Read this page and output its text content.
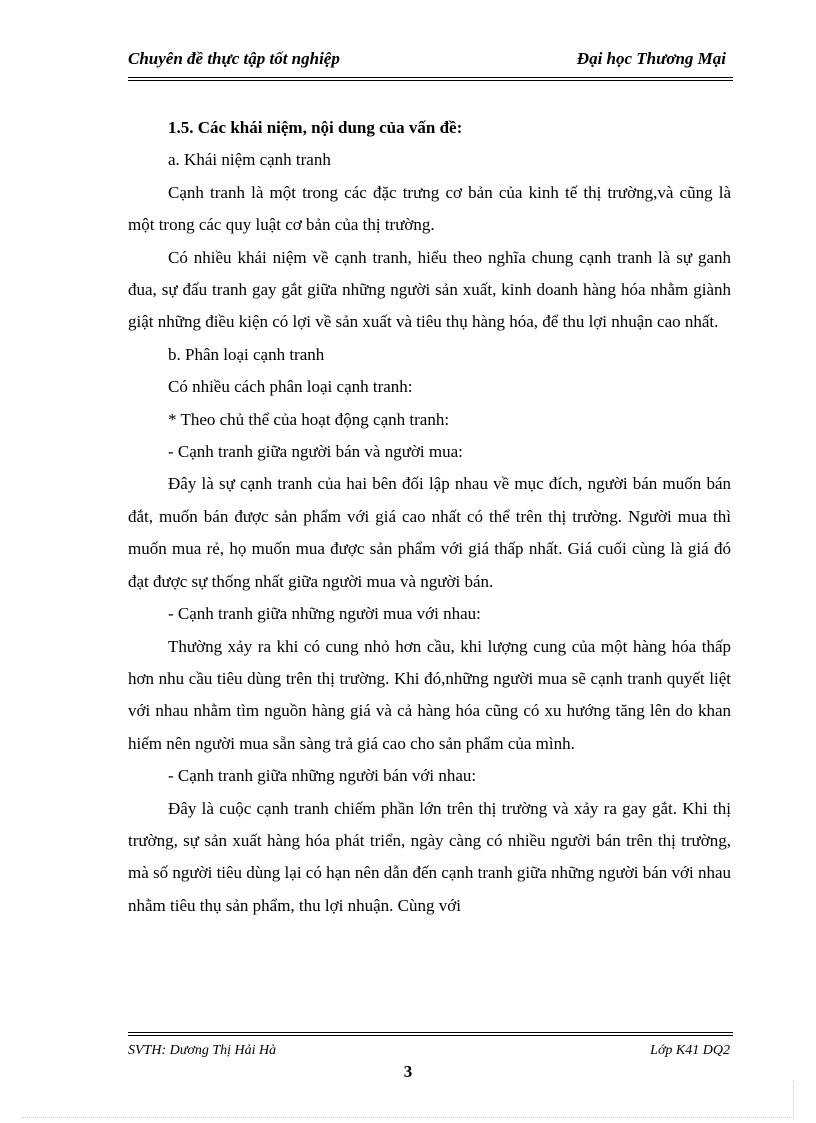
Chuyên đề thực tập tốt nghiệp	Đại học Thương Mại

1.5. Các khái niệm, nội dung của vấn đề:

a. Khái niệm cạnh tranh

Cạnh tranh là một trong các đặc trưng cơ bản của kinh tế thị trường,và cũng là một trong các quy luật cơ bản của thị trường.

Có nhiều khái niệm về cạnh tranh, hiểu theo nghĩa chung cạnh tranh là sự ganh đua, sự đấu tranh gay gắt giữa những người sản xuất, kinh doanh hàng hóa nhằm giành giật những điều kiện có lợi về sản xuất và tiêu thụ hàng hóa, để thu lợi nhuận cao nhất.

b. Phân loại cạnh tranh

Có nhiều cách phân loại cạnh tranh:

* Theo chủ thể của hoạt động cạnh tranh:

- Cạnh tranh giữa người bán và người mua:

Đây là sự cạnh tranh của hai bên đối lập nhau về mục đích, người bán muốn bán đắt, muốn bán được sản phẩm với giá cao nhất có thể trên thị trường. Người mua thì muốn mua rẻ, họ muốn mua được sản phẩm với giá thấp nhất. Giá cuối cùng là giá đó đạt được sự thống nhất giữa người mua và người bán.

- Cạnh tranh giữa những người mua với nhau:

Thường xảy ra khi có cung nhỏ hơn cầu, khi lượng cung của một hàng hóa thấp hơn nhu cầu tiêu dùng trên thị trường. Khi đó,những người mua sẽ cạnh tranh quyết liệt với nhau nhằm tìm nguồn hàng giá và cả hàng hóa cũng có xu hướng tăng lên do khan hiếm nên người mua sẵn sàng trả giá cao cho sản phẩm của mình.

- Cạnh tranh giữa những người bán với nhau:

Đây là cuộc cạnh tranh chiếm phần lớn trên thị trường và xảy ra gay gắt. Khi thị trường, sự sản xuất hàng hóa phát triển, ngày càng có nhiều người bán trên thị trường, mà số người tiêu dùng lại có hạn nên dẫn đến cạnh tranh giữa những người bán với nhau nhằm tiêu thụ sản phẩm, thu lợi nhuận. Cùng với

SVTH: Dương Thị Hải Hà	Lớp K41 DQ2
3
